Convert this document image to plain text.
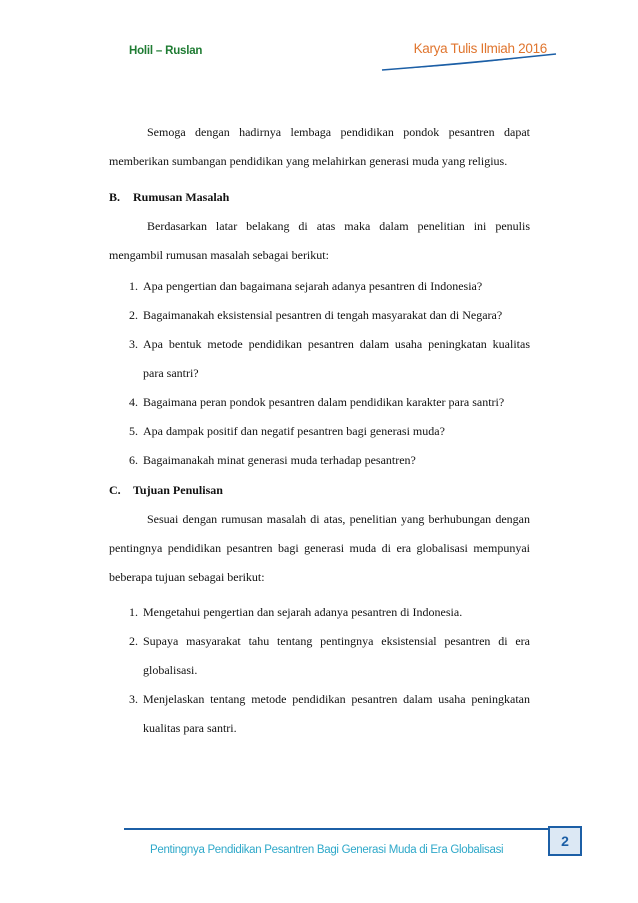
Holil – Ruslan	Karya Tulis Ilmiah 2016

Semoga dengan hadirnya lembaga pendidikan pondok pesantren dapat memberikan sumbangan pendidikan yang melahirkan generasi muda yang religius.

B.	Rumusan Masalah

Berdasarkan latar belakang di atas maka dalam penelitian ini penulis mengambil rumusan masalah sebagai berikut:

1. Apa pengertian dan bagaimana sejarah adanya pesantren di Indonesia?
2. Bagaimanakah eksistensial pesantren di tengah masyarakat dan di Negara?
3. Apa bentuk metode pendidikan pesantren dalam usaha peningkatan kualitas para santri?
4. Bagaimana peran pondok pesantren dalam pendidikan karakter para santri?
5. Apa dampak positif dan negatif pesantren bagi generasi muda?
6. Bagaimanakah minat generasi muda terhadap pesantren?
C.	Tujuan Penulisan

Sesuai dengan rumusan masalah di atas, penelitian yang berhubungan dengan pentingnya pendidikan pesantren bagi generasi muda di era globalisasi mempunyai beberapa tujuan sebagai berikut:

1. Mengetahui pengertian dan sejarah adanya pesantren di Indonesia.
2. Supaya masyarakat tahu tentang pentingnya eksistensial pesantren di era globalisasi.
3. Menjelaskan tentang metode pendidikan pesantren dalam usaha peningkatan kualitas para santri.
2
Pentingnya Pendidikan Pesantren Bagi Generasi Muda di Era Globalisasi
